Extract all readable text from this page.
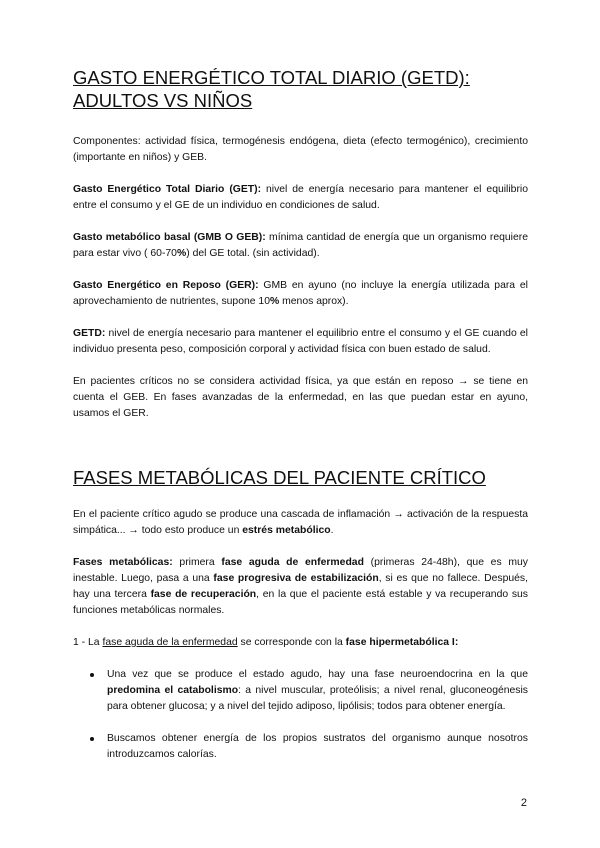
GASTO ENERGÉTICO TOTAL DIARIO (GETD): ADULTOS VS NIÑOS

Componentes: actividad física, termogénesis endógena, dieta (efecto termogénico), crecimiento (importante en niños) y GEB.

Gasto Energético Total Diario (GET): nivel de energía necesario para mantener el equilibrio entre el consumo y el GE de un individuo en condiciones de salud.

Gasto metabólico basal (GMB O GEB): mínima cantidad de energía que un organismo requiere para estar vivo ( 60-70%) del GE total. (sin actividad).

Gasto Energético en Reposo (GER): GMB en ayuno (no incluye la energía utilizada para el aprovechamiento de nutrientes, supone 10% menos aprox).

GETD: nivel de energía necesario para mantener el equilibrio entre el consumo y el GE cuando el individuo presenta peso, composición corporal y actividad física con buen estado de salud.

En pacientes críticos no se considera actividad física, ya que están en reposo → se tiene en cuenta el GEB. En fases avanzadas de la enfermedad, en las que puedan estar en ayuno, usamos el GER.

FASES METABÓLICAS DEL PACIENTE CRÍTICO

En el paciente crítico agudo se produce una cascada de inflamación → activación de la respuesta simpática... → todo esto produce un estrés metabólico.

Fases metabólicas: primera fase aguda de enfermedad (primeras 24-48h), que es muy inestable. Luego, pasa a una fase progresiva de estabilización, si es que no fallece. Después, hay una tercera fase de recuperación, en la que el paciente está estable y va recuperando sus funciones metabólicas normales.

1 - La fase aguda de la enfermedad se corresponde con la fase hipermetabólica I:

Una vez que se produce el estado agudo, hay una fase neuroendocrina en la que predomina el catabolismo: a nivel muscular, proteólisis; a nivel renal, gluconeogénesis para obtener glucosa; y a nivel del tejido adiposo, lipólisis; todos para obtener energía.
Buscamos obtener energía de los propios sustratos del organismo aunque nosotros introduzcamos calorías.
2
